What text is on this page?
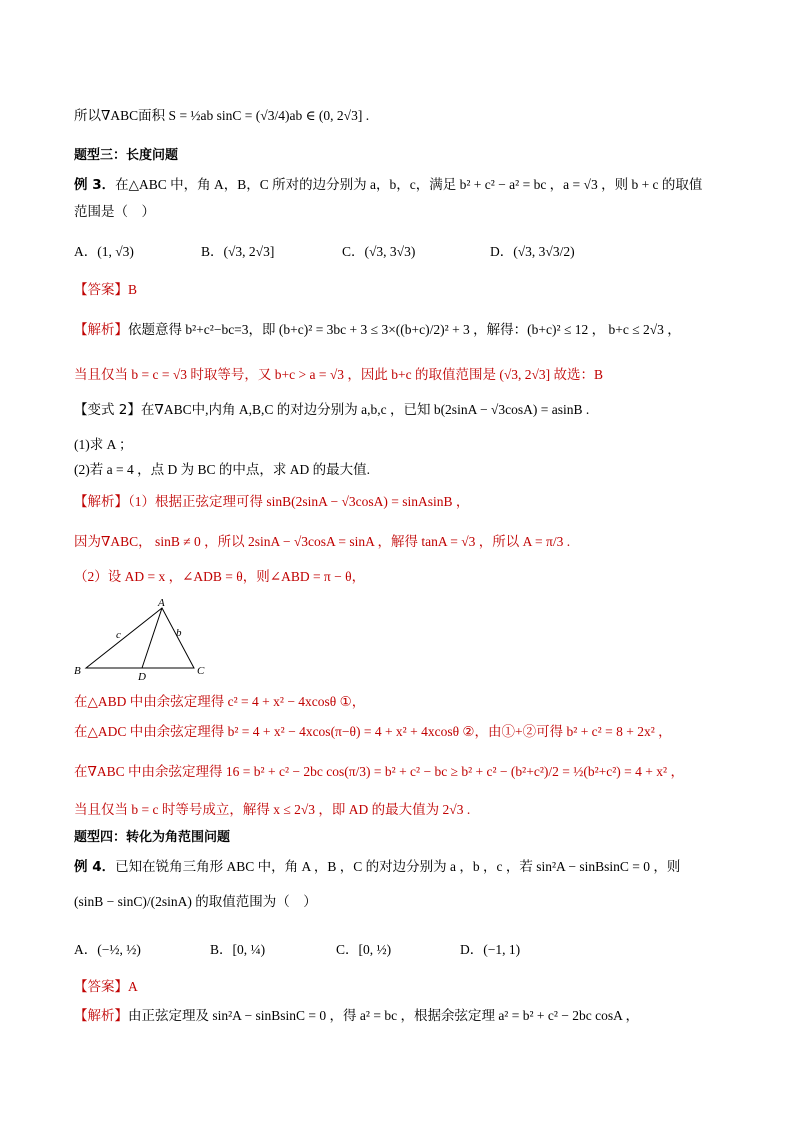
所以∇ABC面积 S = ½ab sinC = (√3/4)ab ∈ (0, 2√3] .
题型三：长度问题
例 3．在△ABC 中，角 A，B，C 所对的边分别为 a，b，c，满足 b² + c² − a² = bc ，a = √3 ，则 b + c 的取值
范围是（　）
A．(1, √3)	B．(√3, 2√3]	C．(√3, 3√3)	D．(√3, 3√3/2)
【答案】B
【解析】依题意得 b²+c²−bc=3，即 (b+c)² = 3bc + 3 ≤ 3×((b+c)/2)² + 3 ，解得：(b+c)² ≤ 12 ， b+c ≤ 2√3 ，
当且仅当 b = c = √3 时取等号，又 b+c > a = √3 ，因此 b+c 的取值范围是 (√3, 2√3] 故选：B
【变式 2】在∇ABC中,内角 A,B,C 的对边分别为 a,b,c ，已知 b(2sinA − √3cosA) = asinB .
(1)求 A ；
(2)若 a = 4 ，点 D 为 BC 的中点，求 AD 的最大值.
【解析】（1）根据正弦定理可得 sinB(2sinA − √3cosA) = sinAsinB ，
因为∇ABC， sinB ≠ 0 ，所以 2sinA − √3cosA = sinA ，解得 tanA = √3 ，所以 A = π/3 .
（2）设 AD = x ，∠ADB = θ，则∠ABD = π − θ，
A
B	C
D
c	b
在△ABD 中由余弦定理得 c² = 4 + x² − 4xcosθ ①，
在△ADC 中由余弦定理得 b² = 4 + x² − 4xcos(π−θ) = 4 + x² + 4xcosθ ②，由①+②可得 b² + c² = 8 + 2x² ，
在∇ABC 中由余弦定理得 16 = b² + c² − 2bc cos(π/3) = b² + c² − bc ≥ b² + c² − (b²+c²)/2 = ½(b²+c²) = 4 + x² ，
当且仅当 b = c 时等号成立，解得 x ≤ 2√3 ，即 AD 的最大值为 2√3 .
题型四：转化为角范围问题
例 4．已知在锐角三角形 ABC 中，角 A ，B ，C 的对边分别为 a ，b ，c ，若 sin²A − sinBsinC = 0 ，则
(sinB − sinC)/(2sinA) 的取值范围为（　）
A．(−½, ½)	B．[0, ¼)	C．[0, ½)	D．(−1, 1)
【答案】A
【解析】由正弦定理及 sin²A − sinBsinC = 0 ，得 a² = bc ，根据余弦定理 a² = b² + c² − 2bc cosA ，
